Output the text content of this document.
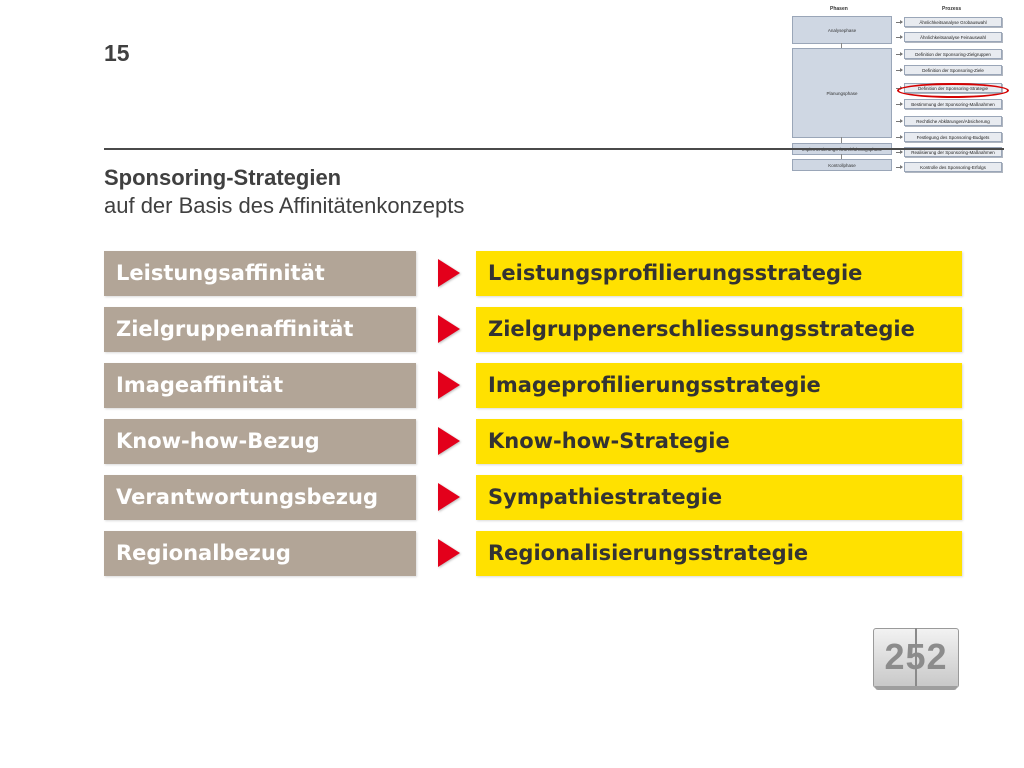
15
Phasen	Prozess
Analysephase
Planungsphase
Kontrollphase
Ähnlichkeitsanalyse Grobauswahl
Ähnlichkeitsanalyse Feinauswahl
Definition der Sponsoring-Zielgruppen
Definition der Sponsoring-Ziele
Definition der Sponsoring-Strategie
Bestimmung der Sponsoring-Maßnahmen
Rechtliche Abklärungen/Absicherung
Festlegung des Sponsoring-Budgets
Realisierung der Sponsoring-Maßnahmen
Kontrolle des Sponsoring-Erfolgs
Sponsoring-Strategien
auf der Basis des Affinitätenkonzepts
Leistungsaffinität	Leistungsprofilierungsstrategie
Zielgruppenaffinität	Zielgruppenerschliessungsstrategie
Imageaffinität	Imageprofilierungsstrategie
Know-how-Bezug	Know-how-Strategie
Verantwortungsbezug	Sympathiestrategie
Regionalbezug	Regionalisierungsstrategie
252
